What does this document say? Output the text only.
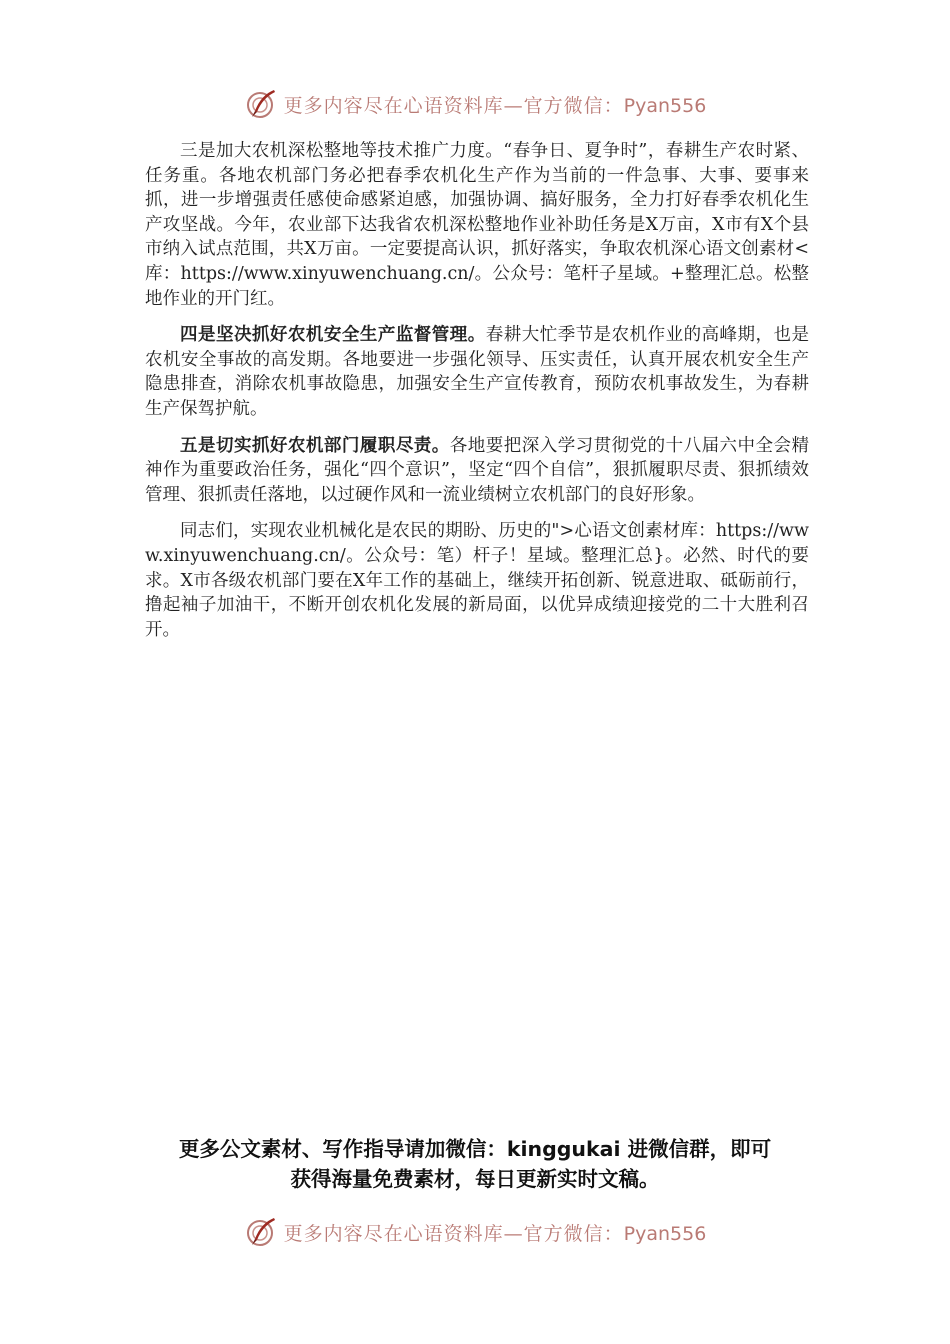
更多内容尽在心语资料库—官方微信：Pyan556

三是加大农机深松整地等技术推广力度。“春争日、夏争时”，春耕生产农时紧、任务重。各地农机部门务必把春季农机化生产作为当前的一件急事、大事、要事来抓，进一步增强责任感使命感紧迫感，加强协调、搞好服务，全力打好春季农机化生产攻坚战。今年，农业部下达我省农机深松整地作业补助任务是X万亩，X市有X个县市纳入试点范围，共X万亩。一定要提高认识，抓好落实，争取农机深心语文创素材<库：https://www.xinyuwenchuang.cn/。公众号：笔杆子星域。+整理汇总。松整地作业的开门红。

四是坚决抓好农机安全生产监督管理。春耕大忙季节是农机作业的高峰期，也是农机安全事故的高发期。各地要进一步强化领导、压实责任，认真开展农机安全生产隐患排查，消除农机事故隐患，加强安全生产宣传教育，预防农机事故发生，为春耕生产保驾护航。

五是切实抓好农机部门履职尽责。各地要把深入学习贯彻党的十八届六中全会精神作为重要政治任务，强化“四个意识”，坚定“四个自信”，狠抓履职尽责、狠抓绩效管理、狠抓责任落地，以过硬作风和一流业绩树立农机部门的良好形象。

同志们，实现农业机械化是农民的期盼、历史的">心语文创素材库：https://www.xinyuwenchuang.cn/。公众号：笔）杆子！星域。整理汇总}。必然、时代的要求。X市各级农机部门要在X年工作的基础上，继续开拓创新、锐意进取、砥砺前行，撸起袖子加油干，不断开创农机化发展的新局面，以优异成绩迎接党的二十大胜利召开。

更多公文素材、写作指导请加微信：kinggukai 进微信群，即可
获得海量免费素材，每日更新实时文稿。
更多内容尽在心语资料库—官方微信：Pyan556
